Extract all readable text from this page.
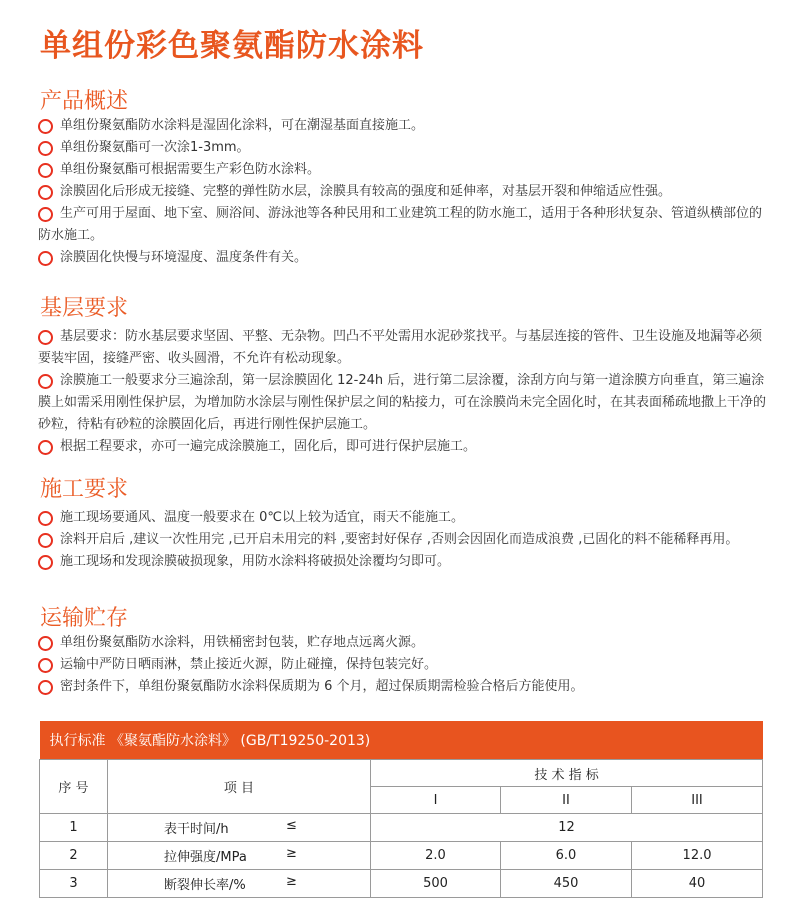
单组份彩色聚氨酯防水涂料
产品概述
单组份聚氨酯防水涂料是湿固化涂料，可在潮湿基面直接施工。
单组份聚氨酯可一次涂1-3mm。
单组份聚氨酯可根据需要生产彩色防水涂料。
涂膜固化后形成无接缝、完整的弹性防水层，涂膜具有较高的强度和延伸率，对基层开裂和伸缩适应性强。
生产可用于屋面、地下室、厕浴间、游泳池等各种民用和工业建筑工程的防水施工，适用于各种形状复杂、管道纵横部位的防水施工。
涂膜固化快慢与环境湿度、温度条件有关。
基层要求
基层要求：防水基层要求坚固、平整、无杂物。凹凸不平处需用水泥砂浆找平。与基层连接的管件、卫生设施及地漏等必须要装牢固，接缝严密、收头圆滑，不允许有松动现象。
涂膜施工一般要求分三遍涂刮，第一层涂膜固化 12-24h 后，进行第二层涂覆，涂刮方向与第一道涂膜方向垂直，第三遍涂膜上如需采用刚性保护层，为增加防水涂层与刚性保护层之间的粘接力，可在涂膜尚未完全固化时，在其表面稀疏地撒上干净的砂粒，待粘有砂粒的涂膜固化后，再进行刚性保护层施工。
根据工程要求，亦可一遍完成涂膜施工，固化后，即可进行保护层施工。
施工要求
施工现场要通风、温度一般要求在 0℃以上较为适宜，雨天不能施工。
涂料开启后 ,建议一次性用完 ,已开启未用完的料 ,要密封好保存 ,否则会因固化而造成浪费 ,已固化的料不能稀释再用。
施工现场和发现涂膜破损现象，用防水涂料将破损处涂覆均匀即可。
运输贮存
单组份聚氨酯防水涂料，用铁桶密封包装，贮存地点远离火源。
运输中严防日晒雨淋，禁止接近火源，防止碰撞，保持包装完好。
密封条件下，单组份聚氨酯防水涂料保质期为 6 个月，超过保质期需检验合格后方能使用。
执行标准 《聚氨酯防水涂料》 (GB/T19250-2013)				
序 号	项 目	技 术 指 标		
		I	II	III
1	表干时间/h ≤	12		
2	拉伸强度/MPa ≥	2.0	6.0	12.0
3	断裂伸长率/% ≥	500	450	40
